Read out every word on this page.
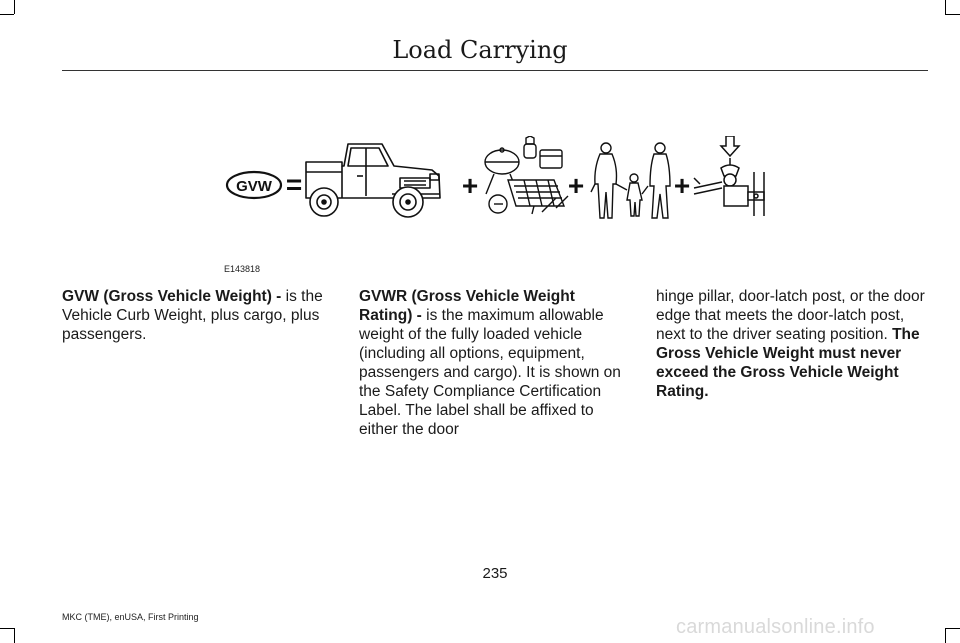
Load Carrying
GVW =	+	+	+
E143818
GVW (Gross Vehicle Weight) - is the Vehicle Curb Weight, plus cargo, plus passengers.
GVWR (Gross Vehicle Weight Rating) - is the maximum allowable weight of the fully loaded vehicle (including all options, equipment, passengers and cargo). It is shown on the Safety Compliance Certification Label. The label shall be affixed to either the door
hinge pillar, door-latch post, or the door edge that meets the door-latch post, next to the driver seating position. The Gross Vehicle Weight must never exceed the Gross Vehicle Weight Rating.
235
MKC (TME), enUSA, First Printing	carmanualsonline.info
